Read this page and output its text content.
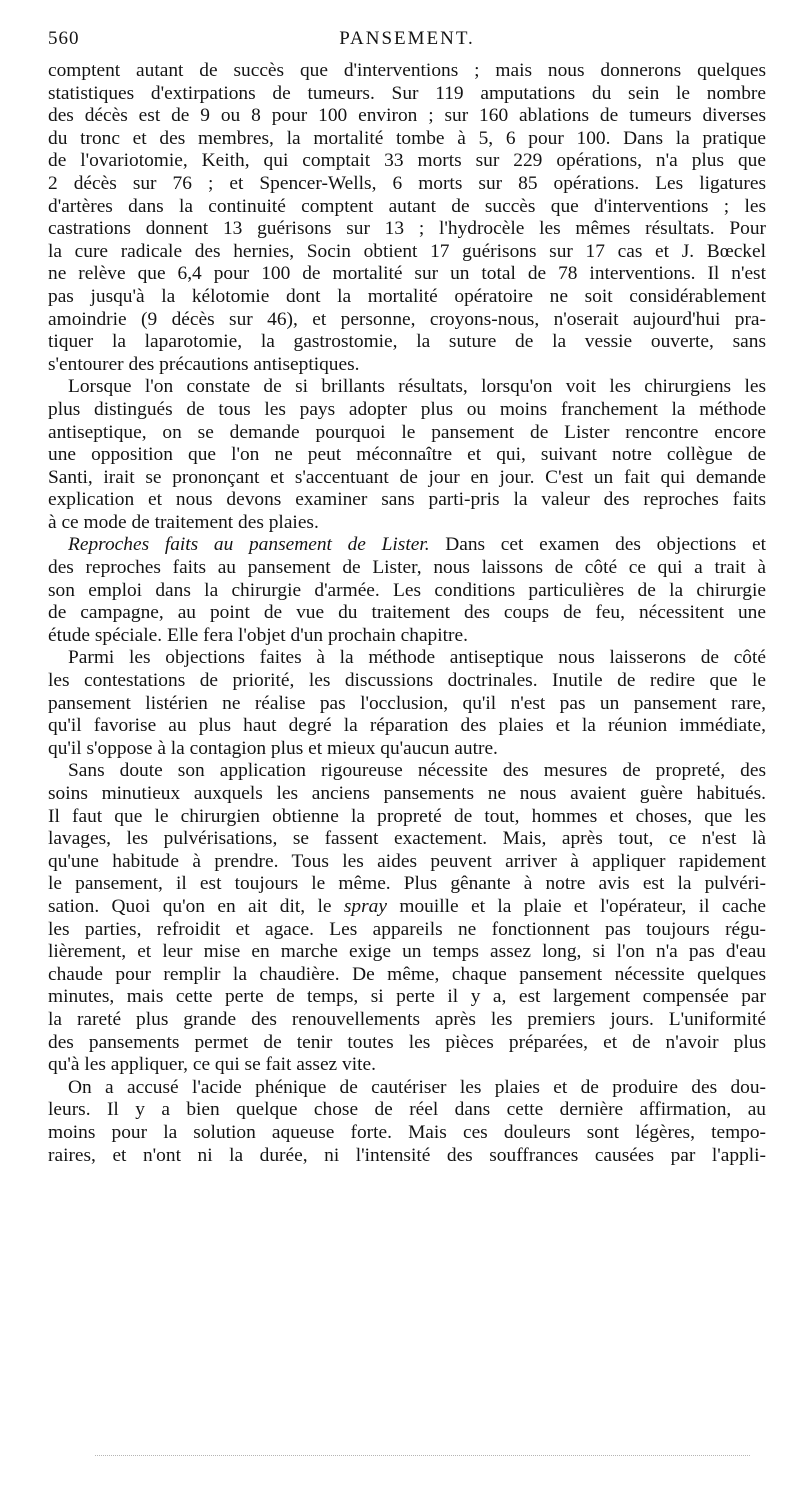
560	PANSEMENT.

comptent autant de succès que d'interventions ; mais nous donnerons quelques
statistiques d'extirpations de tumeurs. Sur 119 amputations du sein le nombre
des décès est de 9 ou 8 pour 100 environ ; sur 160 ablations de tumeurs diverses
du tronc et des membres, la mortalité tombe à 5, 6 pour 100. Dans la pratique
de l'ovariotomie, Keith, qui comptait 33 morts sur 229 opérations, n'a plus que
2 décès sur 76 ; et Spencer-Wells, 6 morts sur 85 opérations. Les ligatures
d'artères dans la continuité comptent autant de succès que d'interventions ; les
castrations donnent 13 guérisons sur 13 ; l'hydrocèle les mêmes résultats. Pour
la cure radicale des hernies, Socin obtient 17 guérisons sur 17 cas et J. Bœckel
ne relève que 6,4 pour 100 de mortalité sur un total de 78 interventions. Il n'est
pas jusqu'à la kélotomie dont la mortalité opératoire ne soit considérablement
amoindrie (9 décès sur 46), et personne, croyons-nous, n'oserait aujourd'hui pra-
tiquer la laparotomie, la gastrostomie, la suture de la vessie ouverte, sans
s'entourer des précautions antiseptiques.

Lorsque l'on constate de si brillants résultats, lorsqu'on voit les chirurgiens les
plus distingués de tous les pays adopter plus ou moins franchement la méthode
antiseptique, on se demande pourquoi le pansement de Lister rencontre encore
une opposition que l'on ne peut méconnaître et qui, suivant notre collègue de
Santi, irait se prononçant et s'accentuant de jour en jour. C'est un fait qui demande
explication et nous devons examiner sans parti-pris la valeur des reproches faits
à ce mode de traitement des plaies.

Reproches faits au pansement de Lister. Dans cet examen des objections et
des reproches faits au pansement de Lister, nous laissons de côté ce qui a trait à
son emploi dans la chirurgie d'armée. Les conditions particulières de la chirurgie
de campagne, au point de vue du traitement des coups de feu, nécessitent une
étude spéciale. Elle fera l'objet d'un prochain chapitre.

Parmi les objections faites à la méthode antiseptique nous laisserons de côté
les contestations de priorité, les discussions doctrinales. Inutile de redire que le
pansement listérien ne réalise pas l'occlusion, qu'il n'est pas un pansement rare,
qu'il favorise au plus haut degré la réparation des plaies et la réunion immédiate,
qu'il s'oppose à la contagion plus et mieux qu'aucun autre.

Sans doute son application rigoureuse nécessite des mesures de propreté, des
soins minutieux auxquels les anciens pansements ne nous avaient guère habitués.
Il faut que le chirurgien obtienne la propreté de tout, hommes et choses, que les
lavages, les pulvérisations, se fassent exactement. Mais, après tout, ce n'est là
qu'une habitude à prendre. Tous les aides peuvent arriver à appliquer rapidement
le pansement, il est toujours le même. Plus gênante à notre avis est la pulvéri-
sation. Quoi qu'on en ait dit, le spray mouille et la plaie et l'opérateur, il cache
les parties, refroidit et agace. Les appareils ne fonctionnent pas toujours régu-
lièrement, et leur mise en marche exige un temps assez long, si l'on n'a pas d'eau
chaude pour remplir la chaudière. De même, chaque pansement nécessite quelques
minutes, mais cette perte de temps, si perte il y a, est largement compensée par
la rareté plus grande des renouvellements après les premiers jours. L'uniformité
des pansements permet de tenir toutes les pièces préparées, et de n'avoir plus
qu'à les appliquer, ce qui se fait assez vite.

On a accusé l'acide phénique de cautériser les plaies et de produire des dou-
leurs. Il y a bien quelque chose de réel dans cette dernière affirmation, au
moins pour la solution aqueuse forte. Mais ces douleurs sont légères, tempo-
raires, et n'ont ni la durée, ni l'intensité des souffrances causées par l'appli-
